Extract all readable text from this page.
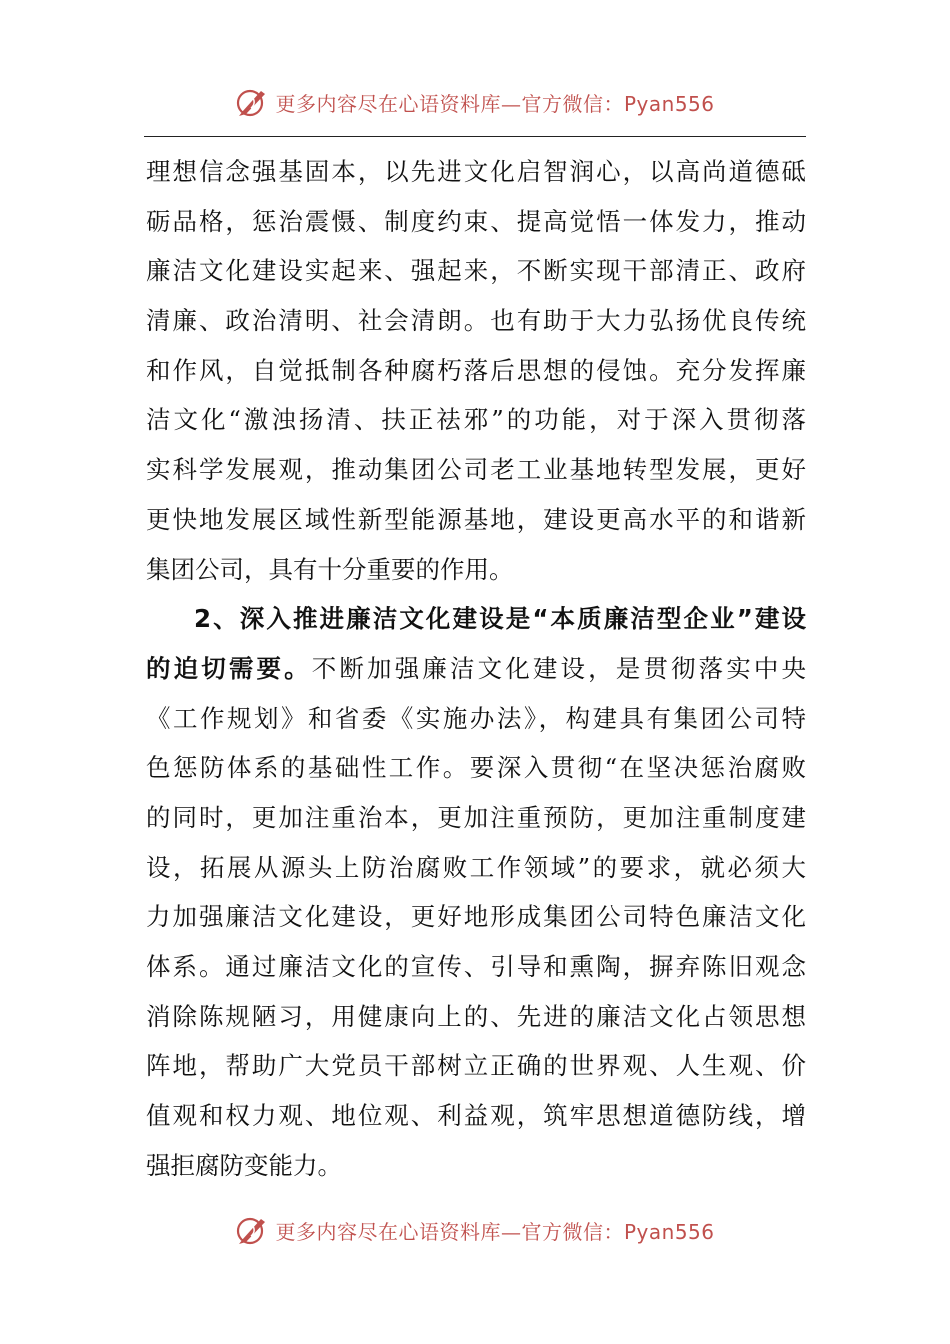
更多内容尽在心语资料库—官方微信：Pyan556
理想信念强基固本，以先进文化启智润心，以高尚道德砥
砺品格，惩治震慑、制度约束、提高觉悟一体发力，推动
廉洁文化建设实起来、强起来，不断实现干部清正、政府
清廉、政治清明、社会清朗。也有助于大力弘扬优良传统
和作风，自觉抵制各种腐朽落后思想的侵蚀。充分发挥廉
洁文化“激浊扬清、扶正祛邪”的功能，对于深入贯彻落
实科学发展观，推动集团公司老工业基地转型发展，更好
更快地发展区域性新型能源基地，建设更高水平的和谐新
集团公司，具有十分重要的作用。
2、深入推进廉洁文化建设是“本质廉洁型企业”建设
的迫切需要。不断加强廉洁文化建设，是贯彻落实中央
《工作规划》和省委《实施办法》，构建具有集团公司特
色惩防体系的基础性工作。要深入贯彻“在坚决惩治腐败
的同时，更加注重治本，更加注重预防，更加注重制度建
设，拓展从源头上防治腐败工作领域”的要求，就必须大
力加强廉洁文化建设，更好地形成集团公司特色廉洁文化
体系。通过廉洁文化的宣传、引导和熏陶，摒弃陈旧观念
消除陈规陋习，用健康向上的、先进的廉洁文化占领思想
阵地，帮助广大党员干部树立正确的世界观、人生观、价
值观和权力观、地位观、利益观，筑牢思想道德防线，增
强拒腐防变能力。
更多内容尽在心语资料库—官方微信：Pyan556
